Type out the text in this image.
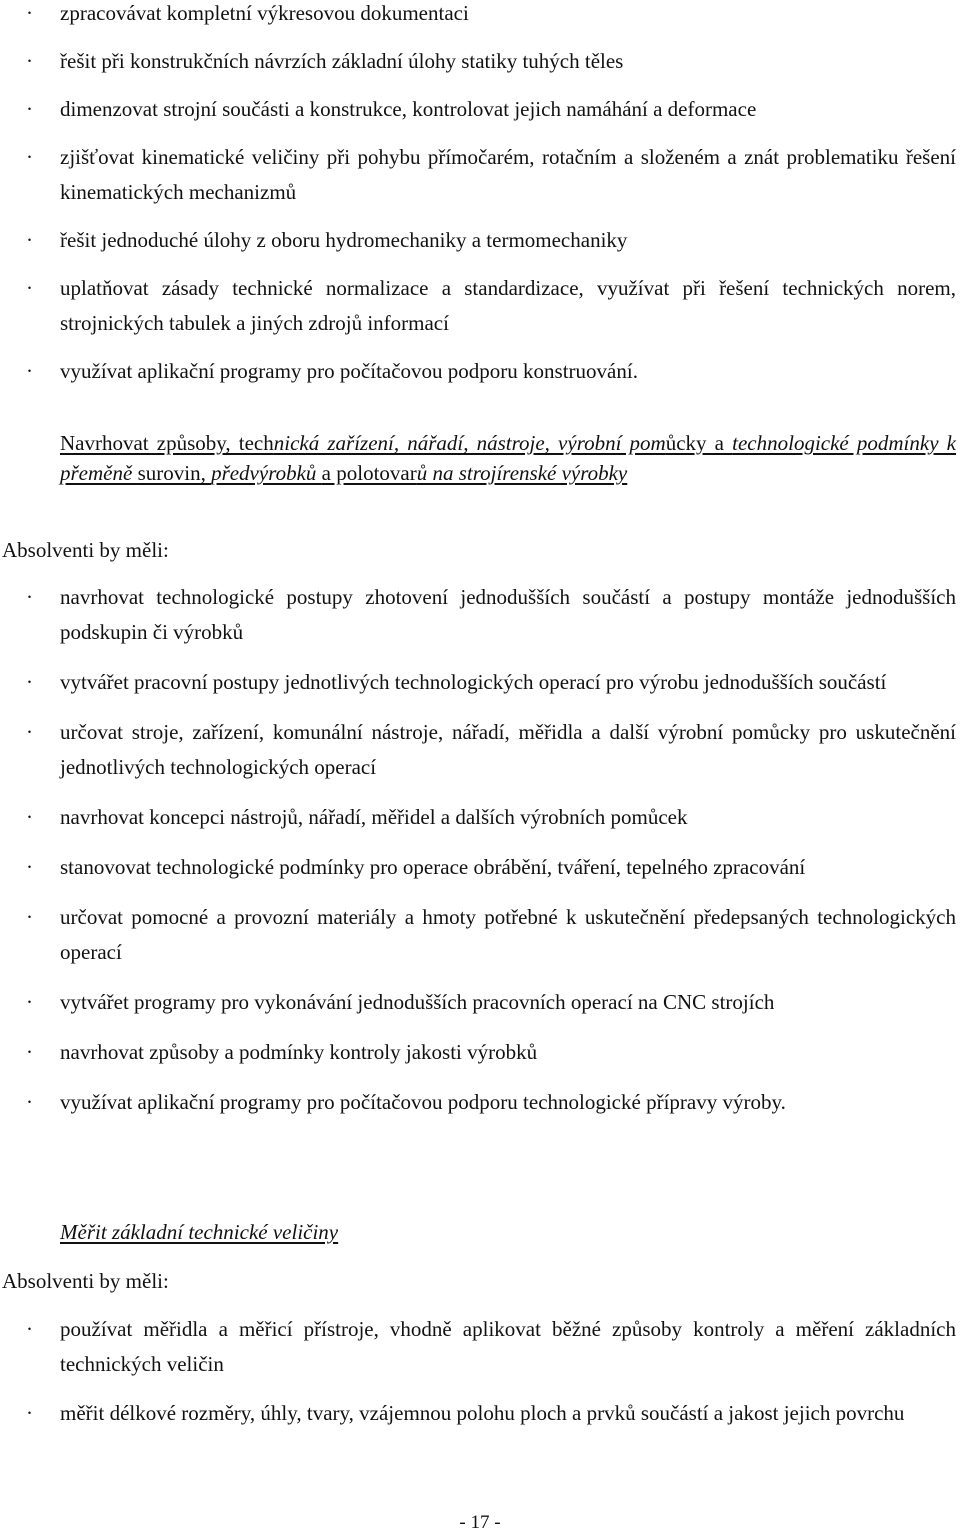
· zpracovávat kompletní výkresovou dokumentaci
· řešit při konstrukčních návrzích základní úlohy statiky tuhých těles
· dimenzovat strojní součásti a konstrukce, kontrolovat jejich namáhání a deformace
· zjišťovat kinematické veličiny při pohybu přímočarém, rotačním a složeném a znát problematiku řešení kinematických mechanizmů
· řešit jednoduché úlohy z oboru hydromechaniky a termomechaniky
· uplatňovat zásady technické normalizace a standardizace, využívat při řešení technických norem, strojnických tabulek a jiných zdrojů informací
· využívat aplikační programy pro počítačovou podporu konstruování.
Navrhovat způsoby, technická zařízení, nářadí, nástroje, výrobní pomůcky a technologické podmínky k přeměně surovin, předvýrobků a polotovarů na strojírenské výrobky
Absolventi by měli:
· navrhovat technologické postupy zhotovení jednodušších součástí a postupy montáže jednodušších podskupin či výrobků
· vytvářet pracovní postupy jednotlivých technologických operací pro výrobu jednodušších součástí
· určovat stroje, zařízení, komunální nástroje, nářadí, měřidla a další výrobní pomůcky pro uskutečnění jednotlivých technologických operací
· navrhovat koncepci nástrojů, nářadí, měřidel a dalších výrobních pomůcek
· stanovovat technologické podmínky pro operace obrábění, tváření, tepelného zpracování
· určovat pomocné a provozní materiály a hmoty potřebné k uskutečnění předepsaných technologických operací
· vytvářet programy pro vykonávání jednodušších pracovních operací na CNC strojích
· navrhovat způsoby a podmínky kontroly jakosti výrobků
· využívat aplikační programy pro počítačovou podporu technologické přípravy výroby.
Měřit základní technické veličiny
Absolventi by měli:
· používat měřidla a měřicí přístroje, vhodně aplikovat běžné způsoby kontroly a měření základních technických veličin
· měřit délkové rozměry, úhly, tvary, vzájemnou polohu ploch a prvků součástí a jakost jejich povrchu
- 17 -
